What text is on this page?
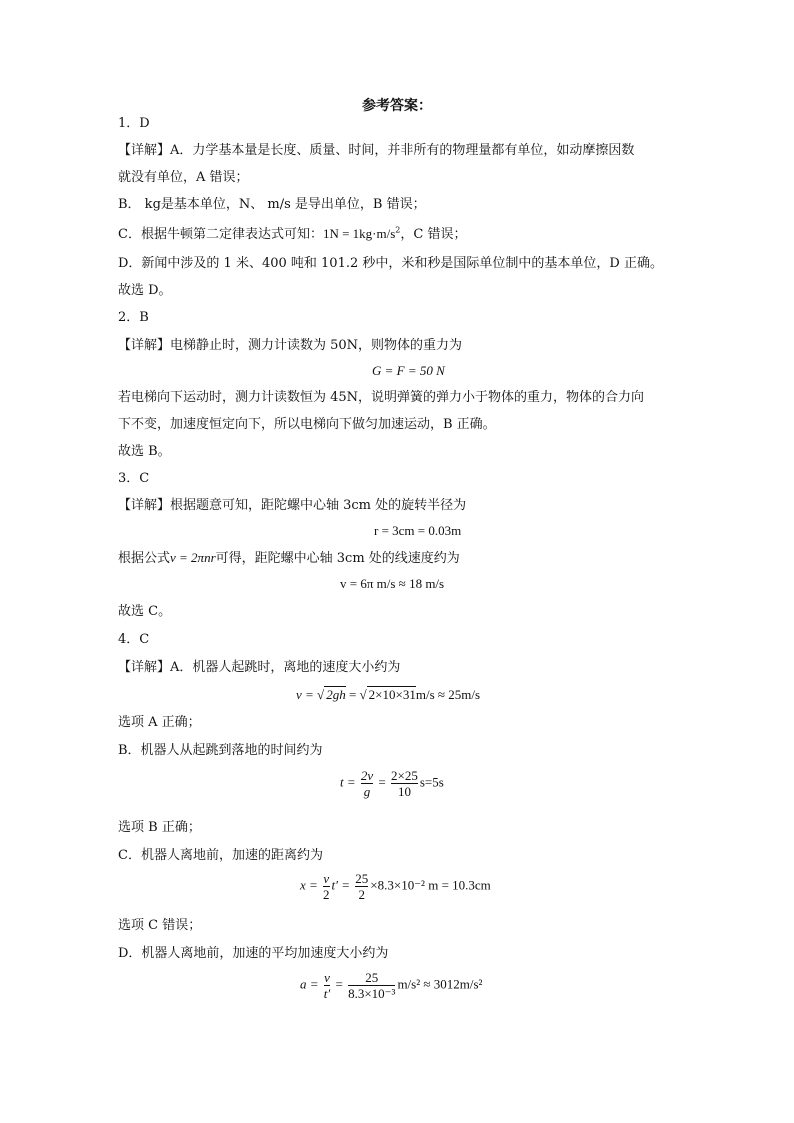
参考答案：
1．D
【详解】A．力学基本量是长度、质量、时间，并非所有的物理量都有单位，如动摩擦因数
就没有单位，A 错误；
B． kg是基本单位，N、 m/s 是导出单位，B 错误；
C．根据牛顿第二定律表达式可知：$1N = 1kg\cdot m/s^2$，C 错误；
D．新闻中涉及的 1 米、400 吨和 101.2 秒中，米和秒是国际单位制中的基本单位，D 正确。
故选 D。
2．B
【详解】电梯静止时，测力计读数为 50N，则物体的重力为
G = F = 50 N
若电梯向下运动时，测力计读数恒为 45N，说明弹簧的弹力小于物体的重力，物体的合力向
下不变，加速度恒定向下，所以电梯向下做匀加速运动，B 正确。
故选 B。
3．C
【详解】根据题意可知，距陀螺中心轴 3cm 处的旋转半径为
r = 3cm = 0.03m
根据公式v = 2πnr可得，距陀螺中心轴 3cm 处的线速度约为
v = 6π m/s ≈ 18 m/s
故选 C。
4．C
【详解】A．机器人起跳时，离地的速度大小约为
v = √ 2gh = √ 2×10×31m/s ≈ 25m/s
选项 A 正确；
B．机器人从起跳到落地的时间约为
$t = \frac{2v}{g} = \frac{2\times 25}{10} s=5s$
选项 B 正确；
C．机器人离地前，加速的距离约为
$x = \frac{v}{2} t' = \frac{25}{2} \times 8.3\times 10^{-2}$ m = 10.3cm
选项 C 错误；
D．机器人离地前，加速的平均加速度大小约为
$a = \frac{v}{t'} = \frac{25}{\text{8.3×10⁻³}} m/s^2 \approx 3012m/s^2$
